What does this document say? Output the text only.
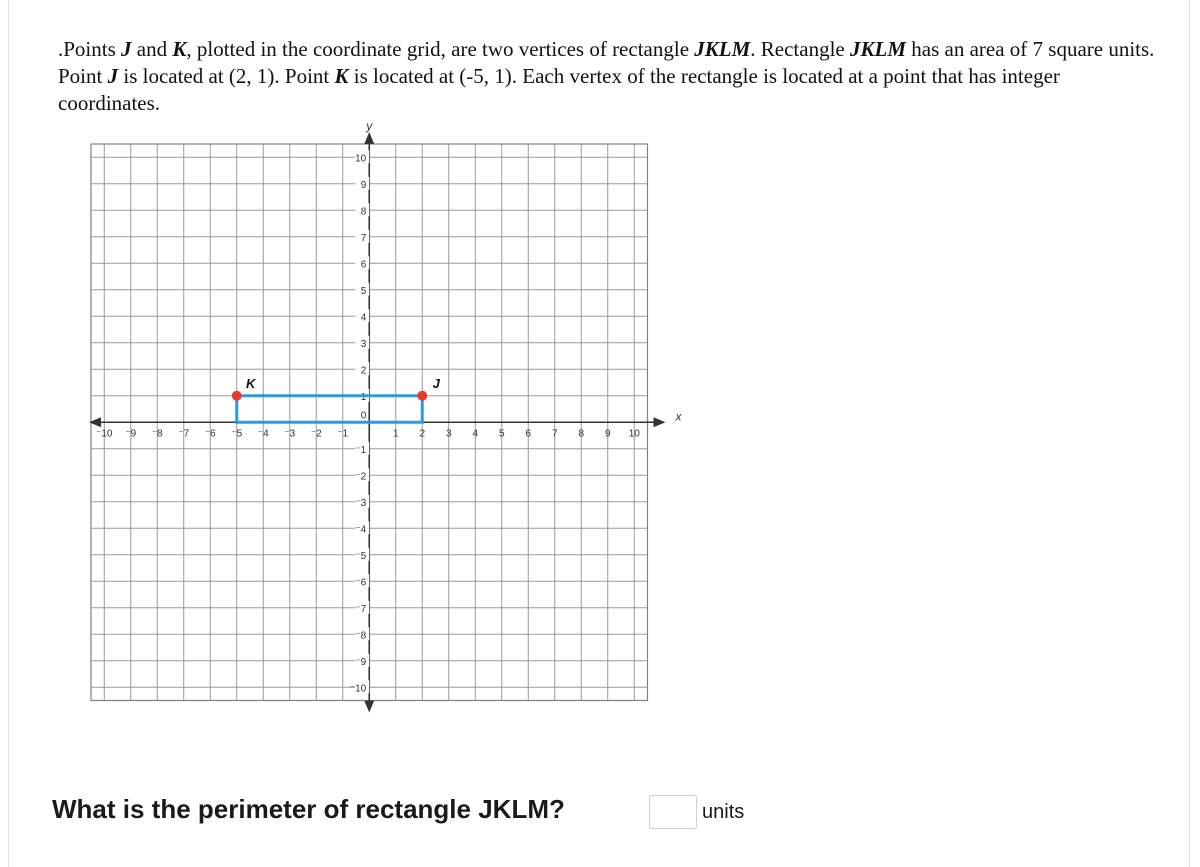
.Points J and K, plotted in the coordinate grid, are two vertices of rectangle JKLM. Rectangle JKLM has an area of 7 square units. Point J is located at (2, 1). Point K is located at (-5, 1). Each vertex of the rectangle is located at a point that has integer coordinates.
x
y
⁻10 ⁻9 ⁻8 ⁻7 ⁻6 ⁻5 ⁻4 ⁻3 ⁻2 ⁻1	1 2 3 4 5 6 7 8 9 10
10
9
8
7
6
5
4
3
2
1
⁻1
⁻2
⁻3
⁻4
⁻5
⁻6
⁻7
⁻8
⁻9
⁻10
0
K	J
What is the perimeter of rectangle JKLM?	units
